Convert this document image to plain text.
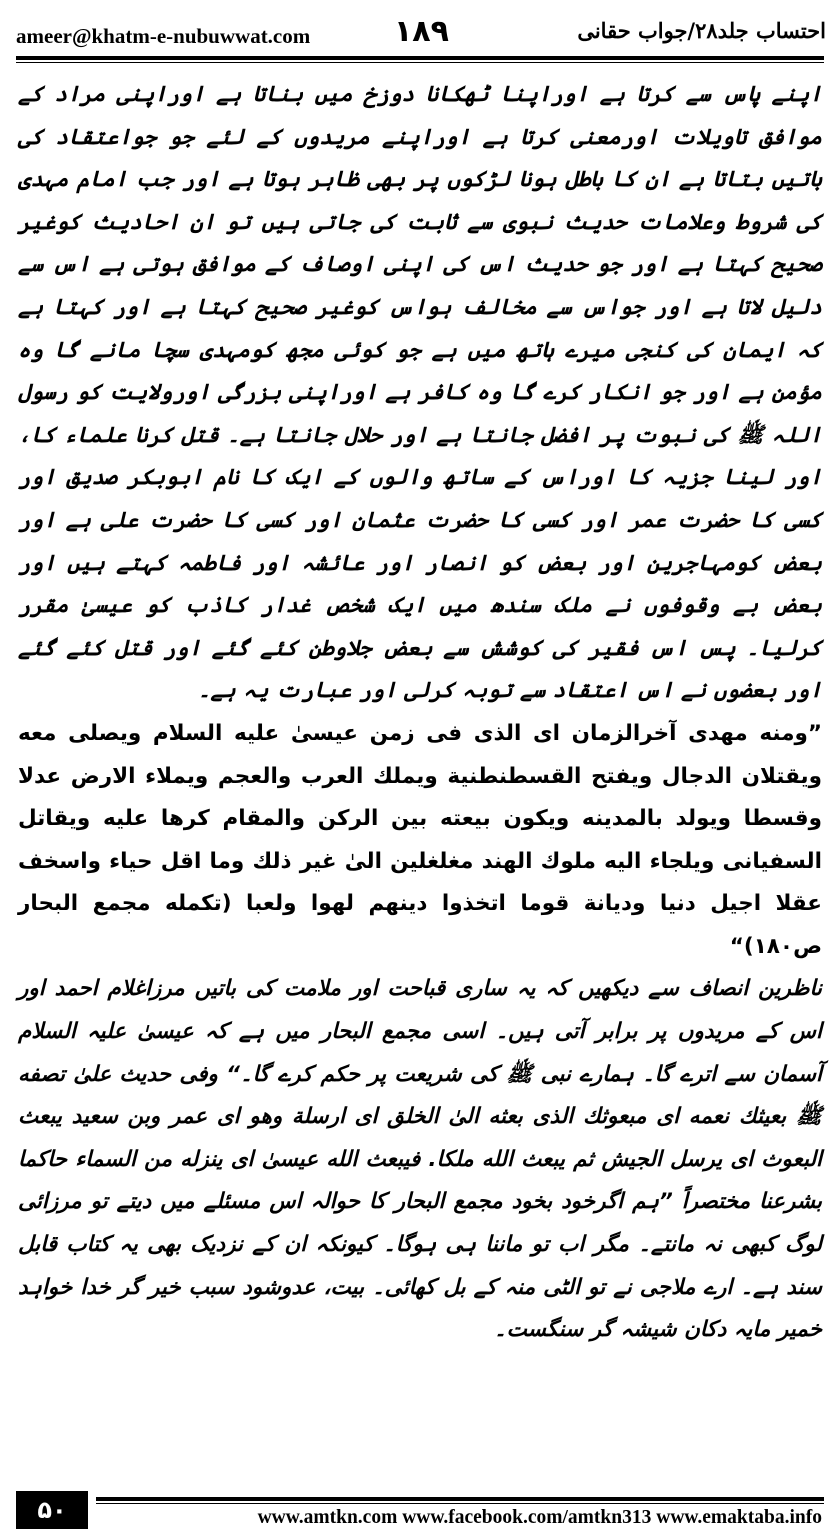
ameer@khatm-e-nubuwwat.com	۱۸۹	احتساب جلد۲۸/جواب حقانی

اپنے پاس سے کرتا ہے اوراپنا ٹھکانا دوزخ میں بناتا ہے اوراپنی مراد کے موافق تاویلات اورمعنی کرتا ہے اوراپنے مریدوں کے لئے جو جواعتقاد کی باتیں بتاتا ہے ان کا باطل ہونا لڑکوں پر بھی ظاہر ہوتا ہے اور جب امام مہدی کی شروط وعلامات حدیث نبوی سے ثابت کی جاتی ہیں تو ان احادیث کوغیر صحیح کہتا ہے اور جو حدیث اس کی اپنی اوصاف کے موافق ہوتی ہے اس سے دلیل لاتا ہے اور جواس سے مخالف ہواس کوغیر صحیح کہتا ہے اور کہتا ہے کہ ایمان کی کنجی میرے ہاتھ میں ہے جو کوئی مجھ کومہدی سچا مانے گا وہ مؤمن ہے اور جو انکار کرے گا وہ کافر ہے اوراپنی بزرگی اورولایت کو رسول اللہ ﷺ کی نبوت پر افضل جانتا ہے اور حلال جانتا ہے۔ قتل کرنا علماء کا، اور لینا جزیہ کا اوراس کے ساتھ والوں کے ایک کا نام ابوبکر صدیق اور کسی کا حضرت عمر اور کسی کا حضرت عثمان اور کسی کا حضرت علی ہے اور بعض کومہاجرین اور بعض کو انصار اور عائشہ اور فاطمہ کہتے ہیں اور بعض بے وقوفوں نے ملک سندھ میں ایک شخص غدار کاذب کو عیسیٰ مقرر کرلیا۔ پس اس فقیر کی کوشش سے بعض جلاوطن کئے گئے اور قتل کئے گئے اور بعضوں نے اس اعتقاد سے توبہ کرلی اور عبارت یہ ہے۔

”ومنه مهدی آخرالزمان ای الذی فی زمن عیسیٰ علیه السلام ویصلی معه ویقتلان الدجال ویفتح القسطنطنیة ویملك العرب والعجم ویملاء الارض عدلا وقسطا ویولد بالمدینه ویکون بیعته بین الرکن والمقام کرها علیه ویقاتل السفیانی ویلجاء الیه ملوك الهند مغلغلین الیٰ غیر ذلك وما اقل حیاء واسخف عقلا اجیل دنیا ودیانة قوما اتخذوا دینهم لهوا ولعبا (تکمله مجمع البحار ص۱۸۰)“

ناظرین انصاف سے دیکھیں کہ یہ ساری قباحت اور ملامت کی باتیں مرزاغلام احمد اور اس کے مریدوں پر برابر آتی ہیں۔ اسی مجمع البحار میں ہے کہ عیسیٰ علیہ السلام آسمان سے اترے گا۔ ہمارے نبی ﷺ کی شریعت پر حکم کرے گا۔“ وفی حدیث علیٰ تصفه ﷺ بعیثك نعمه ای مبعوثك الذی بعثه الیٰ الخلق ای ارسلة وهو ای عمر وبن سعید یبعث البعوث ای یرسل الجیش ثم یبعث الله ملکا. فیبعث الله عیسیٰ ای ینزله من السماء حاکما بشرعنا مختصراً ”ہم اگرخود بخود مجمع البحار کا حوالہ اس مسئلے میں دیتے تو مرزائی لوگ کبھی نہ مانتے۔ مگر اب تو ماننا ہی ہوگا۔ کیونکہ ان کے نزدیک بھی یہ کتاب قابل سند ہے۔ ارے ملاجی نے تو الٹی منہ کے بل کھائی۔ بیت، عدوشود سبب خیر گر خدا خواہد خمیر مایہ دکان شیشہ گر سنگست۔

۵۰	www.amtkn.com www.facebook.com/amtkn313 www.emaktaba.info
